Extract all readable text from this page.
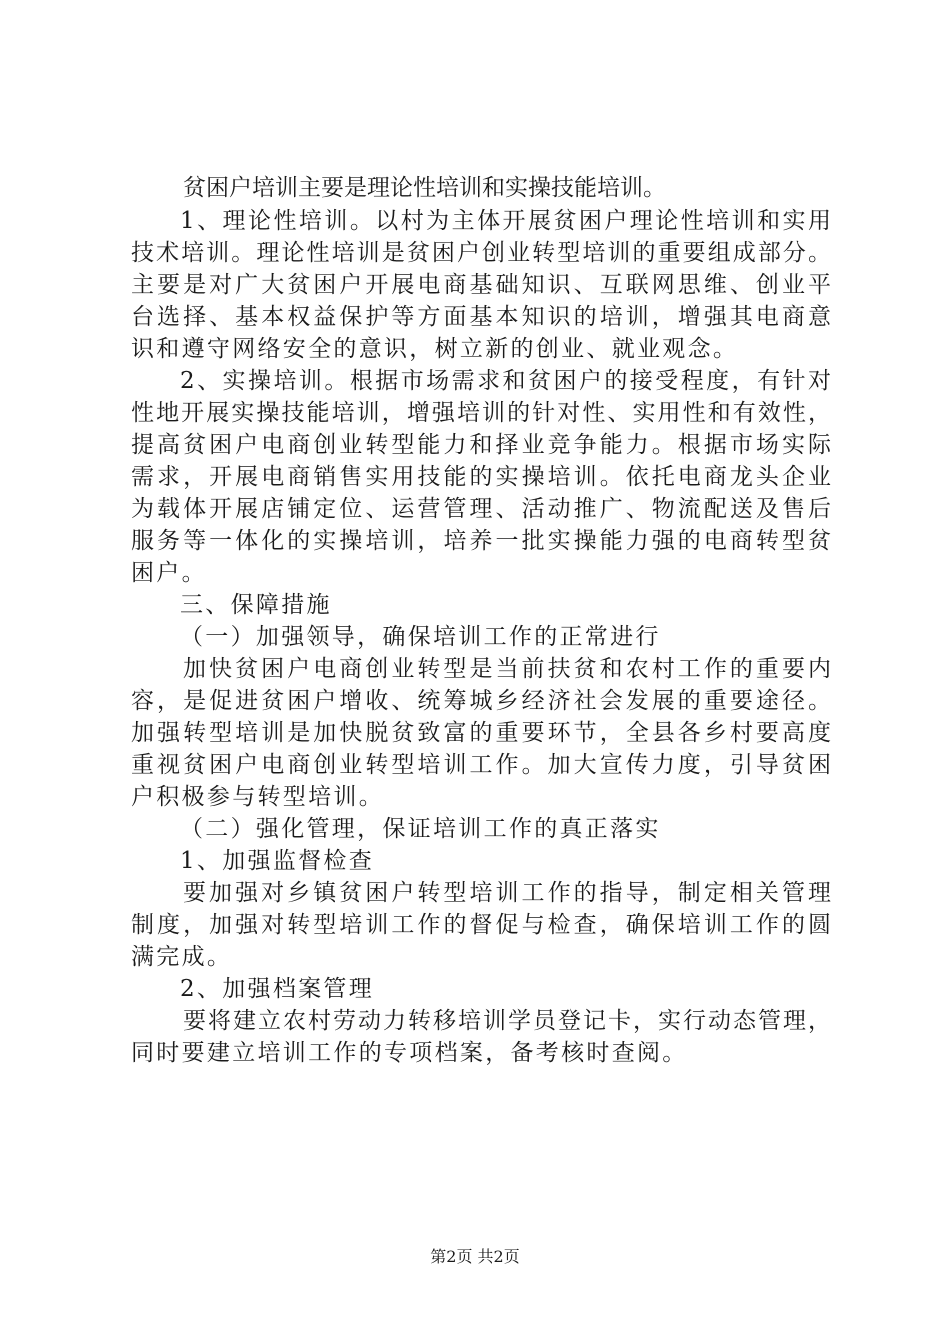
贫困户培训主要是理论性培训和实操技能培训。

1、理论性培训。以村为主体开展贫困户理论性培训和实用

技术培训。理论性培训是贫困户创业转型培训的重要组成部分。

主要是对广大贫困户开展电商基础知识、互联网思维、创业平

台选择、基本权益保护等方面基本知识的培训，增强其电商意

识和遵守网络安全的意识，树立新的创业、就业观念。

2、实操培训。根据市场需求和贫困户的接受程度，有针对

性地开展实操技能培训，增强培训的针对性、实用性和有效性，

提高贫困户电商创业转型能力和择业竞争能力。根据市场实际

需求，开展电商销售实用技能的实操培训。依托电商龙头企业

为载体开展店铺定位、运营管理、活动推广、物流配送及售后

服务等一体化的实操培训，培养一批实操能力强的电商转型贫

困户。

三、保障措施

（一）加强领导，确保培训工作的正常进行

加快贫困户电商创业转型是当前扶贫和农村工作的重要内

容，是促进贫困户增收、统筹城乡经济社会发展的重要途径。

加强转型培训是加快脱贫致富的重要环节，全县各乡村要高度

重视贫困户电商创业转型培训工作。加大宣传力度，引导贫困

户积极参与转型培训。

（二）强化管理，保证培训工作的真正落实

1、加强监督检查

要加强对乡镇贫困户转型培训工作的指导，制定相关管理

制度，加强对转型培训工作的督促与检查，确保培训工作的圆

满完成。

2、加强档案管理

要将建立农村劳动力转移培训学员登记卡，实行动态管理，

同时要建立培训工作的专项档案，备考核时查阅。

第2页 共2页
